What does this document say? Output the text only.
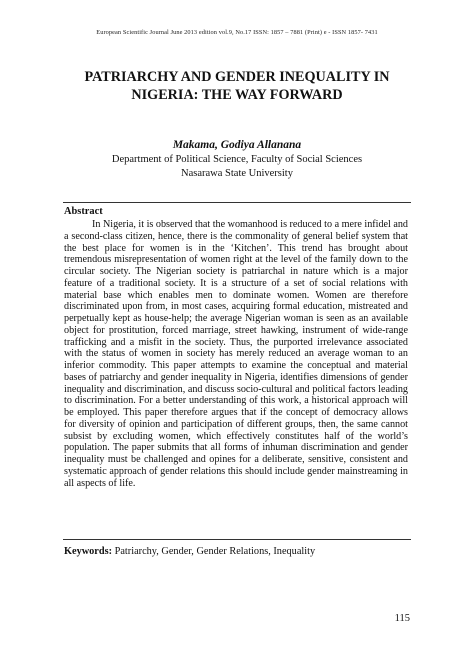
European Scientific Journal June 2013 edition vol.9, No.17 ISSN: 1857 – 7881 (Print) e - ISSN 1857- 7431
PATRIARCHY AND GENDER INEQUALITY IN
NIGERIA: THE WAY FORWARD
Makama, Godiya Allanana
Department of Political Science, Faculty of Social Sciences
Nasarawa State University
Abstract
In Nigeria, it is observed that the womanhood is reduced to a mere infidel and a second-class citizen, hence, there is the commonality of general belief system that the best place for women is in the ‘Kitchen’. This trend has brought about tremendous misrepresentation of women right at the level of the family down to the circular society. The Nigerian society is patriarchal in nature which is a major feature of a traditional society. It is a structure of a set of social relations with material base which enables men to dominate women. Women are therefore discriminated upon from, in most cases, acquiring formal education, mistreated and perpetually kept as house-help; the average Nigerian woman is seen as an available object for prostitution, forced marriage, street hawking, instrument of wide-range trafficking and a misfit in the society. Thus, the purported irrelevance associated with the status of women in society has merely reduced an average woman to an inferior commodity. This paper attempts to examine the conceptual and material bases of patriarchy and gender inequality in Nigeria, identifies dimensions of gender inequality and discrimination, and discuss socio-cultural and political factors leading to discrimination. For a better understanding of this work, a historical approach will be employed. This paper therefore argues that if the concept of democracy allows for diversity of opinion and participation of different groups, then, the same cannot subsist by excluding women, which effectively constitutes half of the world’s population. The paper submits that all forms of inhuman discrimination and gender inequality must be challenged and opines for a deliberate, sensitive, consistent and systematic approach of gender relations this should include gender mainstreaming in all aspects of life.
Keywords: Patriarchy, Gender, Gender Relations, Inequality
115
